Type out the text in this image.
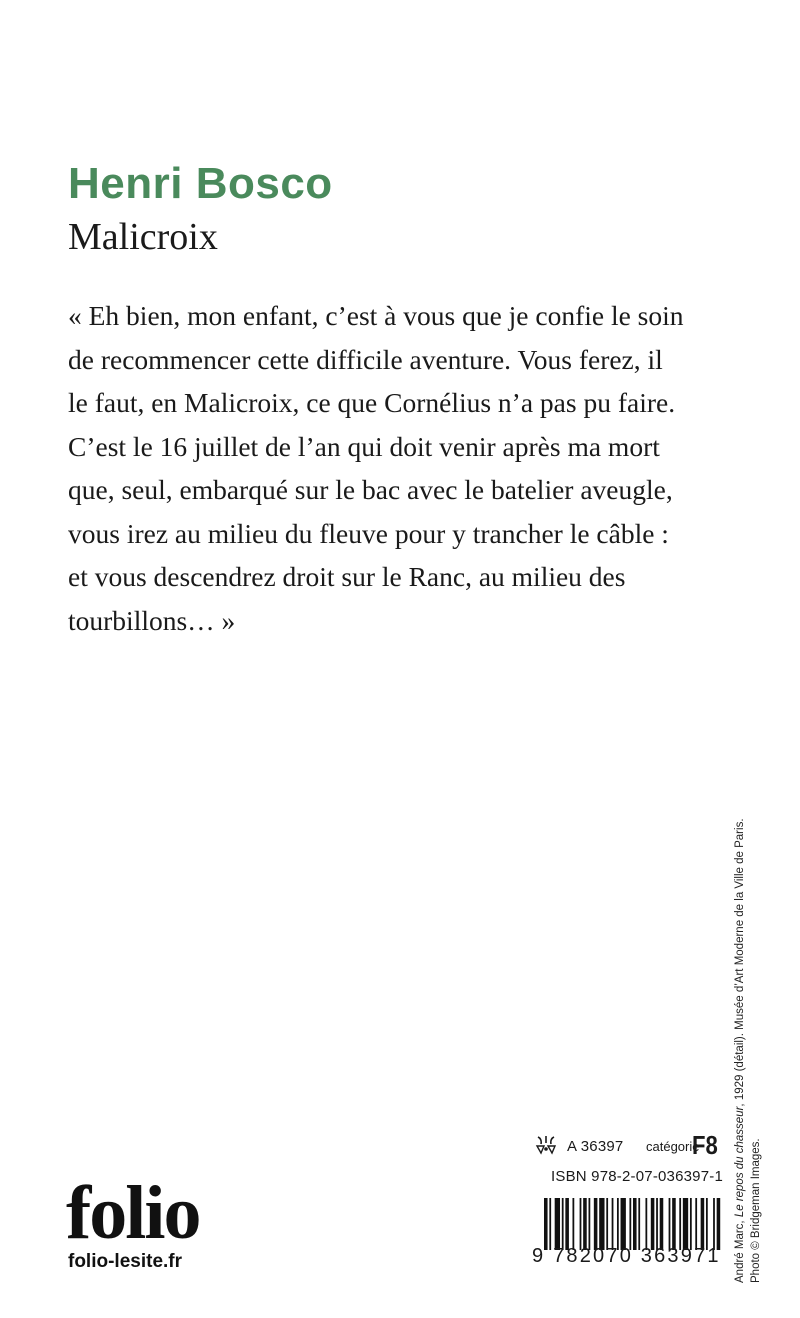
Henri Bosco
Malicroix

« Eh bien, mon enfant, c’est à vous que je confie le soin
de recommencer cette difficile aventure. Vous ferez, il
le faut, en Malicroix, ce que Cornélius n’a pas pu faire.
C’est le 16 juillet de l’an qui doit venir après ma mort
que, seul, embarqué sur le bac avec le batelier aveugle,
vous irez au milieu du fleuve pour y trancher le câble :
et vous descendrez droit sur le Ranc, au milieu des
tourbillons… »

André Marc, Le repos du chasseur, 1929 (détail). Musée d’Art Moderne de la Ville de Paris.
Photo © Bridgeman Images.
A 36397 catégorie
F8
ISBN 978-2-07-036397-1
9 782070 363971
folio
folio-lesite.fr
